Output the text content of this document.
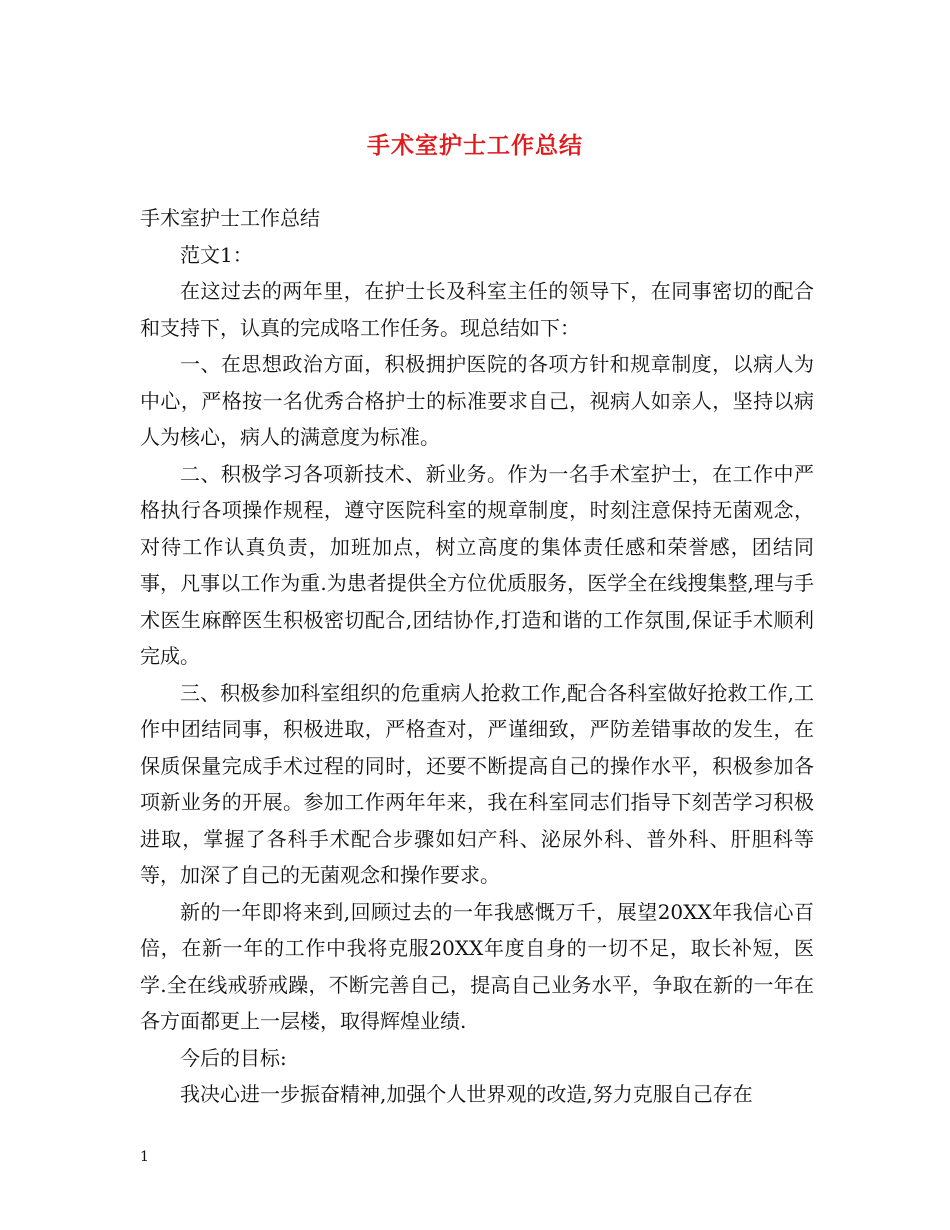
手术室护士工作总结

手术室护士工作总结

范文1：

在这过去的两年里，在护士长及科室主任的领导下，在同事密切的配合和支持下，认真的完成咯工作任务。现总结如下：

一、在思想政治方面，积极拥护医院的各项方针和规章制度，以病人为中心，严格按一名优秀合格护士的标准要求自己，视病人如亲人，坚持以病人为核心，病人的满意度为标准。

二、积极学习各项新技术、新业务。作为一名手术室护士，在工作中严格执行各项操作规程，遵守医院科室的规章制度，时刻注意保持无菌观念，对待工作认真负责，加班加点，树立高度的集体责任感和荣誉感，团结同事，凡事以工作为重.为患者提供全方位优质服务，医学全在线搜集整,理与手术医生麻醉医生积极密切配合,团结协作,打造和谐的工作氛围,保证手术顺利完成。

三、积极参加科室组织的危重病人抢救工作,配合各科室做好抢救工作,工作中团结同事，积极进取，严格查对，严谨细致，严防差错事故的发生，在保质保量完成手术过程的同时，还要不断提高自己的操作水平，积极参加各项新业务的开展。参加工作两年年来，我在科室同志们指导下刻苦学习积极进取，掌握了各科手术配合步骤如妇产科、泌尿外科、普外科、肝胆科等等，加深了自己的无菌观念和操作要求。

新的一年即将来到,回顾过去的一年我感慨万千，展望20XX年我信心百倍，在新一年的工作中我将克服20XX年度自身的一切不足，取长补短，医学.全在线戒骄戒躁，不断完善自己，提高自己业务水平，争取在新的一年在各方面都更上一层楼，取得辉煌业绩.

今后的目标:

我决心进一步振奋精神,加强个人世界观的改造,努力克服自己存在

1
